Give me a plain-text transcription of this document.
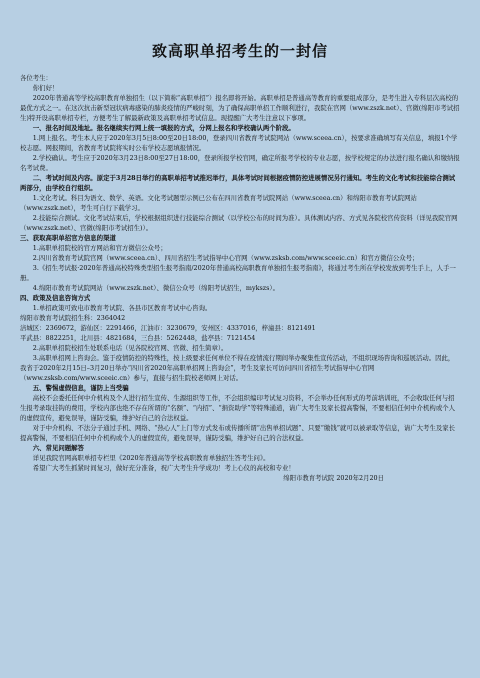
致高职单招考生的一封信

各位考生：

你们好！

2020年普通高等学校高职教育单独招生（以下简称“高职单招”）报名即将开始。高职单招是普通高等教育的重要组成部分，是考生进入专科层次高校的最优方式之一。在这次抗击新型冠状病毒感染的肺炎疫情的严峻时刻，为了确保高职单招工作顺利进行，我院在官网（www.zszk.net）、官微(绵阳市考试招生)特开设高职单招专栏，方便考生了解最新政策及高职单招考试信息。现提醒广大考生注意以下事项。

一、报名时间及地址。报名继续实行网上统一填报的方式，分网上报名和学校确认两个阶段。

1.网上报名。考生本人应于2020年3月5日8:00至20日18:00，登录四川省教育考试院网站（www.sceea.cn），按要求准确填写有关信息，填报1个学校志愿。网报期间，省教育考试院将实时公布学校志愿填报情况。

2.学校确认。考生应于2020年3月23日8:00至27日18:00，登录所报学校官网，确定所报考学校的专业志愿，按学校规定的办法进行报名确认和缴纳报名考试费。

二、考试时间及内容。原定于3月28日举行的高职单招考试推迟举行，具体考试时间根据疫情防控进展情况另行通知。考生的文化考试和技能综合测试两部分，由学校自行组织。

1.文化考试。科目为语文、数学、英语。文化考试题型示例已公布在四川省教育考试院网站（www.sceea.cn）和绵阳市教育考试院网站（www.zszk.net），考生可自行下载学习。

2.技能综合测试。文化考试结束后，学校根据组织进行技能综合测试（以学校公布的时间为准）。具体测试内容、方式见各院校官传资料（详见我院官网（www.zszk.net）、官微(绵阳市考试招生)）。

三、获取高职单招官方信息的渠道

1.高职单招院校的官方网站和官方微信公众号；

2.四川省教育考试院官网（www.sceea.cn）、四川省招生考试指导中心官网（www.zsksb.com/www.sceeic.cn）和官方微信公众号；

3.《招生考试报·2020年普通高校特殊类型招生报考指南/2020年普通高校高职教育单独招生报考指南》，将通过考生所在学校发放到考生手上，人手一册。

4.绵阳市教育考试院网站（www.zszk.net）、微信公众号（绵阳考试招生，mykszs）。

四、政策及信息咨询方式

1.单招政策可致电市教育考试院、各县市区教育考试中心咨询。

绵阳市教育考试院招生科：2364042

涪城区：2369672，游仙区：2291466，江油市：3230679，安州区：4337016，梓潼县：8121491

平武县：8822251，北川县：4821684，三台县：5262448，盐亭县：7121454

2.高职单招院校招生处联系电话（见各院校官网、官微、招生简章）。

3.高职单招网上咨询会。鉴于疫情防控的特殊性，按上级要求任何单位不得在疫情流行期间举办聚集性宣传活动，不组织现场咨询和巡展活动。因此，我省于2020年2月15日–3月20日举办“四川省2020年高职单招网上咨询会”，考生及家长可访问四川省招生考试指导中心官网（www.zsksb.com/www.sceeic.cn）参与，直接与招生院校老师网上对话。

五、警惕虚假信息，谨防上当受骗

高校不会委托任何中介机构及个人进行招生宣传、生源组织等工作，不会组织编印考试复习资料，不会举办任何形式的考前培训班，不会收取任何与招生报考录取挂钩的费用，学校内部也绝不存在所谓的“名额”、“内招”、“捐资助学”等特殊通道，请广大考生及家长提高警惕，不要相信任何中介机构或个人的虚假宣传，避免误导，谨防受骗，维护好自己的合法权益。

对于中介机构、不法分子通过手机、网络、“热心人”上门等方式发布或传播所谓“出售单招试题”、只要“缴钱”就可以被录取等信息，请广大考生及家长提高警惕，不要相信任何中介机构或个人的虚假宣传，避免误导，谨防受骗，维护好自己的合法权益。

六、常见问题解答

详见我院官网高职单招专栏里《2020年普通高等学校高职教育单独招生答考生问》。

希望广大考生抓紧时间复习，做好充分准备，祝广大考生升学成功！考上心仪的高校和专业！

绵阳市教育考试院 2020年2月20日
